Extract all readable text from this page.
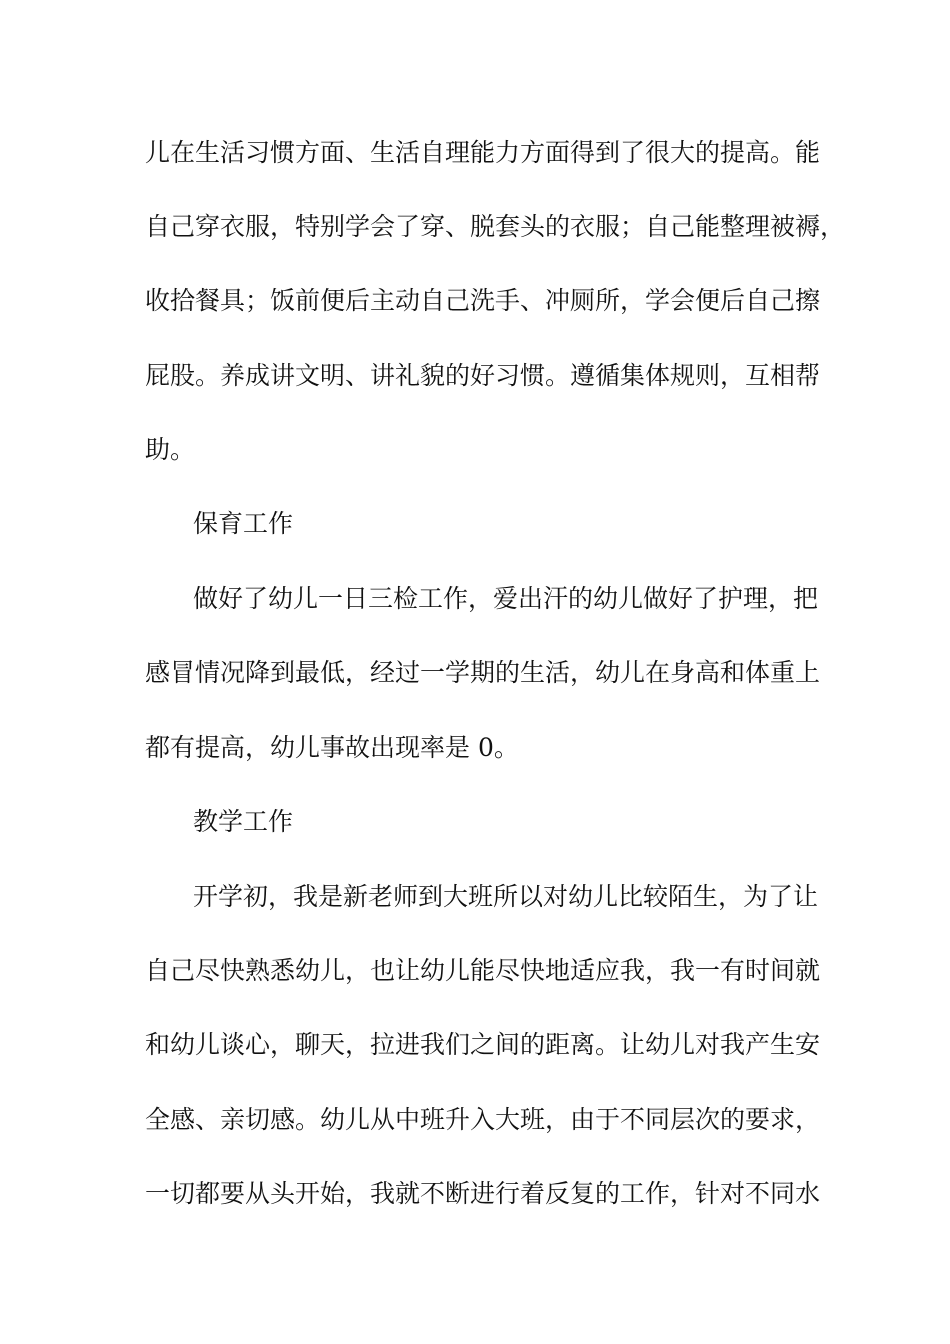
儿在生活习惯方面、生活自理能力方面得到了很大的提高。能
自己穿衣服，特别学会了穿、脱套头的衣服；自己能整理被褥，
收拾餐具；饭前便后主动自己洗手、冲厕所，学会便后自己擦
屁股。养成讲文明、讲礼貌的好习惯。遵循集体规则，互相帮
助。
保育工作
做好了幼儿一日三检工作，爱出汗的幼儿做好了护理，把
感冒情况降到最低，经过一学期的生活，幼儿在身高和体重上
都有提高，幼儿事故出现率是 0。
教学工作
开学初，我是新老师到大班所以对幼儿比较陌生，为了让
自己尽快熟悉幼儿，也让幼儿能尽快地适应我，我一有时间就
和幼儿谈心，聊天，拉进我们之间的距离。让幼儿对我产生安
全感、亲切感。幼儿从中班升入大班，由于不同层次的要求，
一切都要从头开始，我就不断进行着反复的工作，针对不同水
